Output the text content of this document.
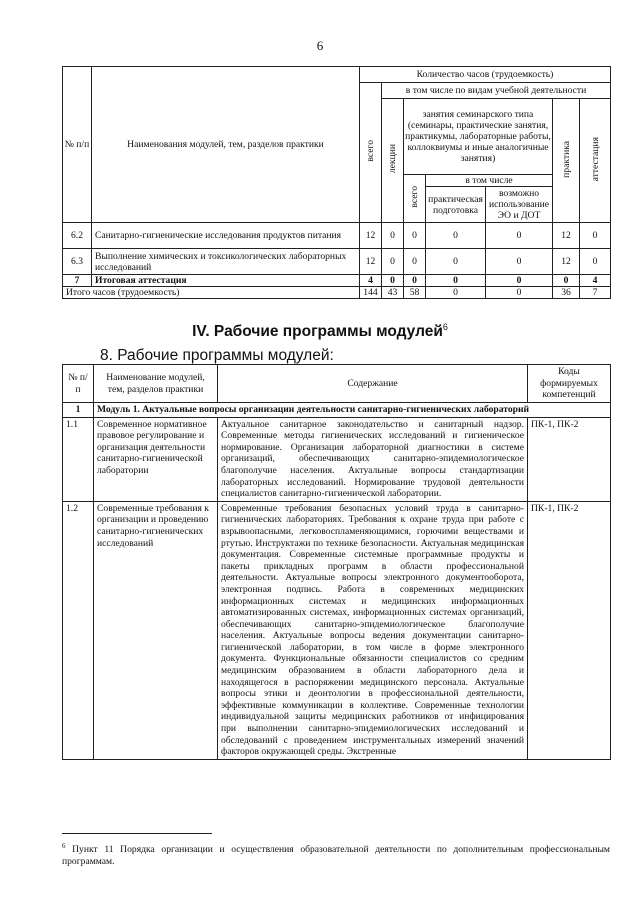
6
№ п/п	Наименования модулей, тем, разделов практики	Количество часов (трудоемкость)						
		всего	в том числе по видам учебной деятельности					
			лекции	занятия семинарского типа (семинары, практические занятия, практикумы, лабораторные работы, коллоквиумы и иные аналогичные занятия)			практика	аттестация
				всего	в том числе			
					практическая подготовка	возможно использование ЭО и ДОТ		
6.2	Санитарно-гигиенические исследования продуктов питания	12	0	0	0	0	12	0
6.3	Выполнение химических и токсикологических лабораторных исследований	12	0	0	0	0	12	0
7	Итоговая аттестация	4	0	0	0	0	0	4
Итого часов (трудоемкость)		144	43	58	0	0	36	7
IV. Рабочие программы модулей$^6$
8. Рабочие программы модулей:
№ п/п	Наименование модулей, тем, разделов практики	Содержание	Коды формируемых компетенций
1	Модуль 1. Актуальные вопросы организации деятельности санитарно-гигиенических лабораторий		
1.1	Современное нормативное правовое регулирование и организация деятельности санитарно-гигиенической лаборатории	Актуальное санитарное законодательство и санитарный надзор. Современные методы гигиенических исследований и гигиеническое нормирование. Организация лабораторной диагностики в системе организаций, обеспечивающих санитарно-эпидемиологическое благополучие населения. Актуальные вопросы стандартизации лабораторных исследований. Нормирование трудовой деятельности специалистов санитарно-гигиенической лаборатории.	ПК-1, ПК-2
1.2	Современные требования к организации и проведению санитарно-гигиенических исследований	Современные требования безопасных условий труда в санитарно-гигиенических лабораториях. Требования к охране труда при работе с взрывоопасными, легковоспламеняющимися, горючими веществами и ртутью. Инструктажи по технике безопасности. Актуальная медицинская документация. Современные системные программные продукты и пакеты прикладных программ в области профессиональной деятельности. Актуальные вопросы электронного документооборота, электронная подпись. Работа в современных медицинских информационных системах и медицинских информационных автоматизированных системах, информационных системах организаций, обеспечивающих санитарно-эпидемиологическое благополучие населения. Актуальные вопросы ведения документации санитарно-гигиенической лаборатории, в том числе в форме электронного документа. Функциональные обязанности специалистов со средним медицинским образованием в области лабораторного дела и находящегося в распоряжении медицинского персонала. Актуальные вопросы этики и деонтологии в профессиональной деятельности, эффективные коммуникации в коллективе. Современные технологии индивидуальной защиты медицинских работников от инфицирования при выполнении санитарно-эпидемиологических исследований и обследований с проведением инструментальных измерений значений факторов окружающей среды. Экстренные	ПК-1, ПК-2
$^6$ Пункт 11 Порядка организации и осуществления образовательной деятельности по дополнительным профессиональным программам.
